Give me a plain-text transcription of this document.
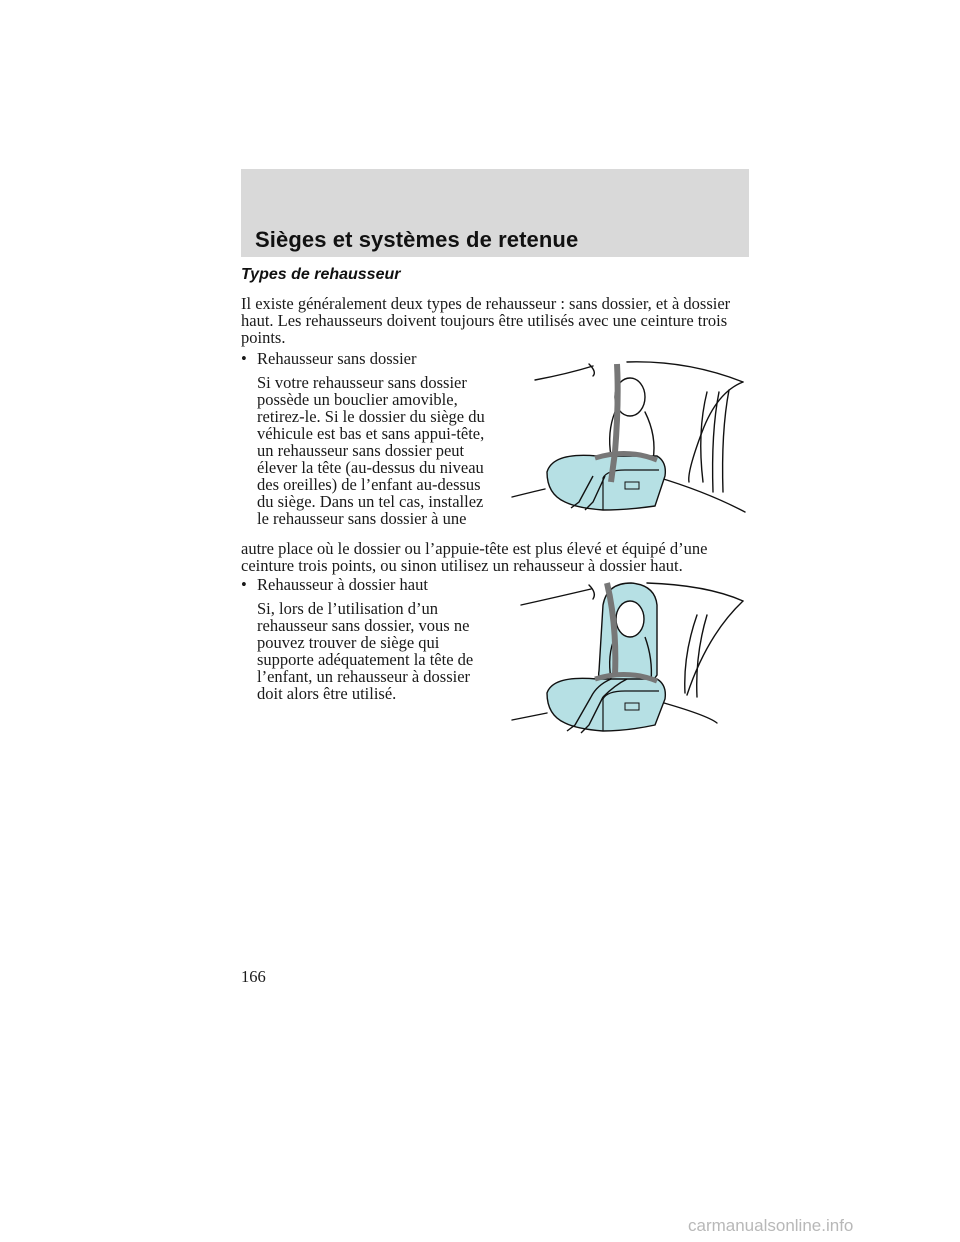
Sièges et systèmes de retenue
Types de rehausseur

Il existe généralement deux types de rehausseur : sans dossier, et à dossier haut. Les rehausseurs doivent toujours être utilisés avec une ceinture trois points.

• Rehausseur sans dossier

Si votre rehausseur sans dossier possède un bouclier amovible, retirez-le. Si le dossier du siège du véhicule est bas et sans appui-tête, un rehausseur sans dossier peut élever la tête (au-dessus du niveau des oreilles) de l’enfant au-dessus du siège. Dans un tel cas, installez le rehausseur sans dossier à une

autre place où le dossier ou l’appuie-tête est plus élevé et équipé d’une ceinture trois points, ou sinon utilisez un rehausseur à dossier haut.

• Rehausseur à dossier haut

Si, lors de l’utilisation d’un rehausseur sans dossier, vous ne pouvez trouver de siège qui supporte adéquatement la tête de l’enfant, un rehausseur à dossier doit alors être utilisé.

166
carmanualsonline.info
